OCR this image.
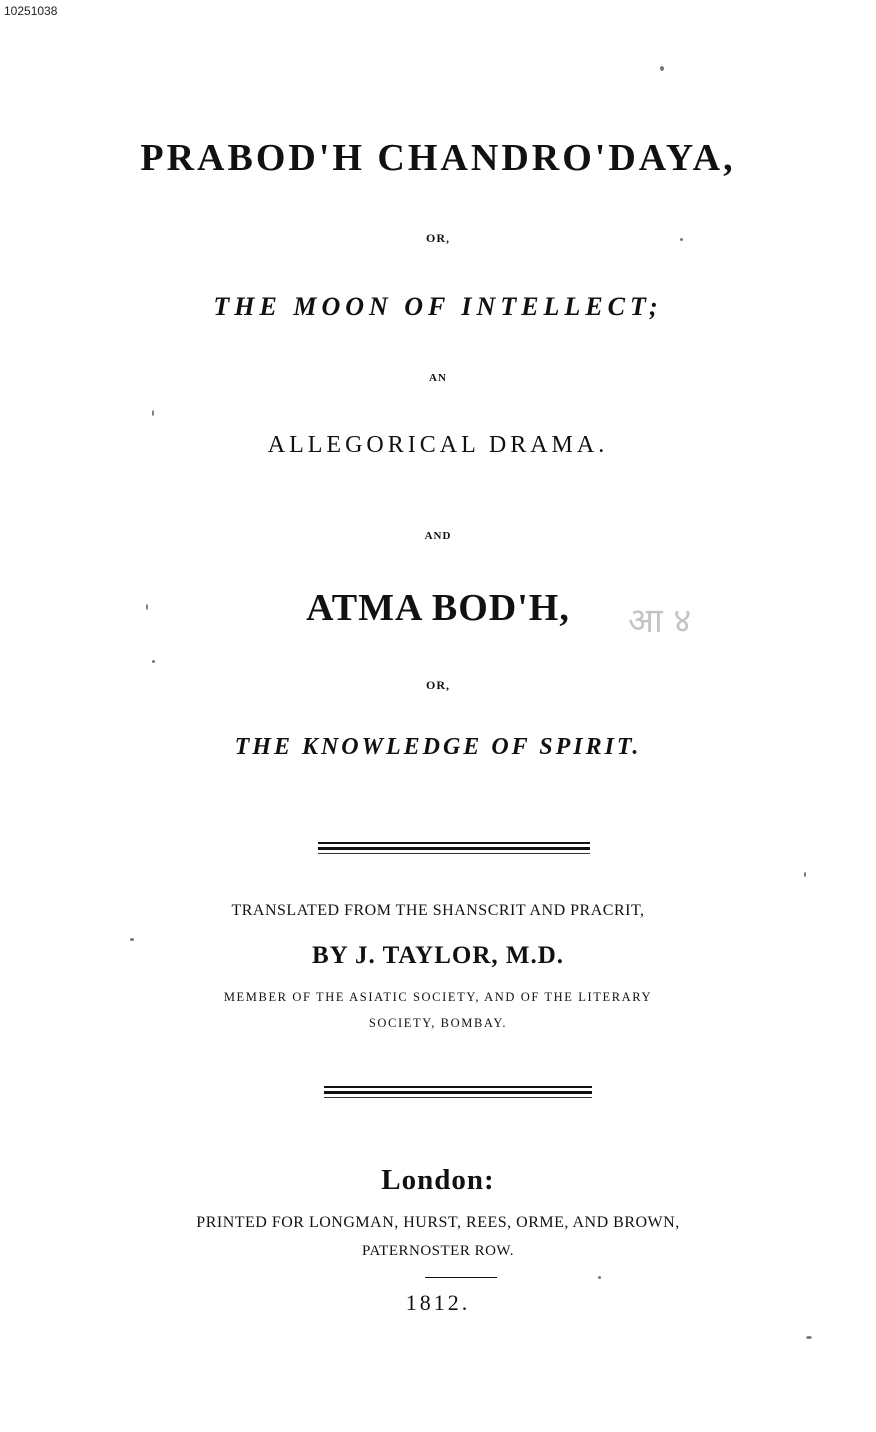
10251038
PRABOD'H CHANDRO'DAYA,
OR,
THE MOON OF INTELLECT;
AN
ALLEGORICAL DRAMA.
AND
ATMA BOD'H,	आ ४
OR,
THE KNOWLEDGE OF SPIRIT.
TRANSLATED FROM THE SHANSCRIT AND PRACRIT,
BY J. TAYLOR, M.D.
MEMBER OF THE ASIATIC SOCIETY, AND OF THE LITERARY
SOCIETY, BOMBAY.
London:
PRINTED FOR LONGMAN, HURST, REES, ORME, AND BROWN,
PATERNOSTER ROW.
1812.
